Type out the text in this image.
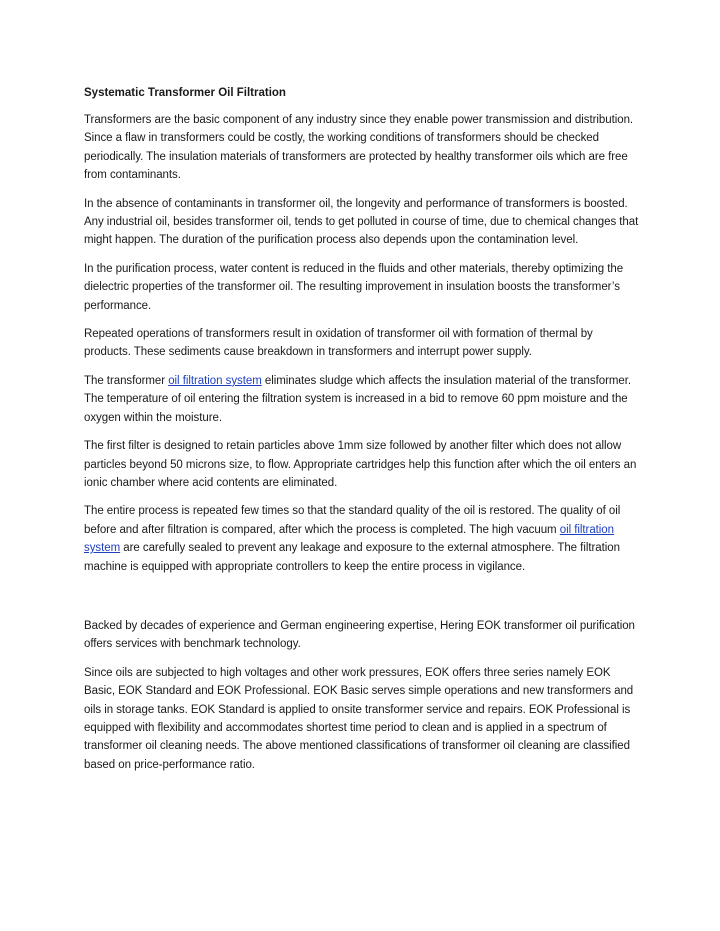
Systematic Transformer Oil Filtration

Transformers are the basic component of any industry since they enable power transmission and distribution. Since a flaw in transformers could be costly, the working conditions of transformers should be checked periodically. The insulation materials of transformers are protected by healthy transformer oils which are free from contaminants.

In the absence of contaminants in transformer oil, the longevity and performance of transformers is boosted. Any industrial oil, besides transformer oil, tends to get polluted in course of time, due to chemical changes that might happen. The duration of the purification process also depends upon the contamination level.

In the purification process, water content is reduced in the fluids and other materials, thereby optimizing the dielectric properties of the transformer oil. The resulting improvement in insulation boosts the transformer’s performance.

Repeated operations of transformers result in oxidation of transformer oil with formation of thermal by products. These sediments cause breakdown in transformers and interrupt power supply.

The transformer oil filtration system eliminates sludge which affects the insulation material of the transformer. The temperature of oil entering the filtration system is increased in a bid to remove 60 ppm moisture and the oxygen within the moisture.

The first filter is designed to retain particles above 1mm size followed by another filter which does not allow particles beyond 50 microns size, to flow. Appropriate cartridges help this function after which the oil enters an ionic chamber where acid contents are eliminated.

The entire process is repeated few times so that the standard quality of the oil is restored. The quality of oil before and after filtration is compared, after which the process is completed. The high vacuum oil filtration system are carefully sealed to prevent any leakage and exposure to the external atmosphere. The filtration machine is equipped with appropriate controllers to keep the entire process in vigilance.

Backed by decades of experience and German engineering expertise, Hering EOK transformer oil purification offers services with benchmark technology.

Since oils are subjected to high voltages and other work pressures, EOK offers three series namely EOK Basic, EOK Standard and EOK Professional. EOK Basic serves simple operations and new transformers and oils in storage tanks. EOK Standard is applied to onsite transformer service and repairs. EOK Professional is equipped with flexibility and accommodates shortest time period to clean and is applied in a spectrum of transformer oil cleaning needs. The above mentioned classifications of transformer oil cleaning are classified based on price-performance ratio.
